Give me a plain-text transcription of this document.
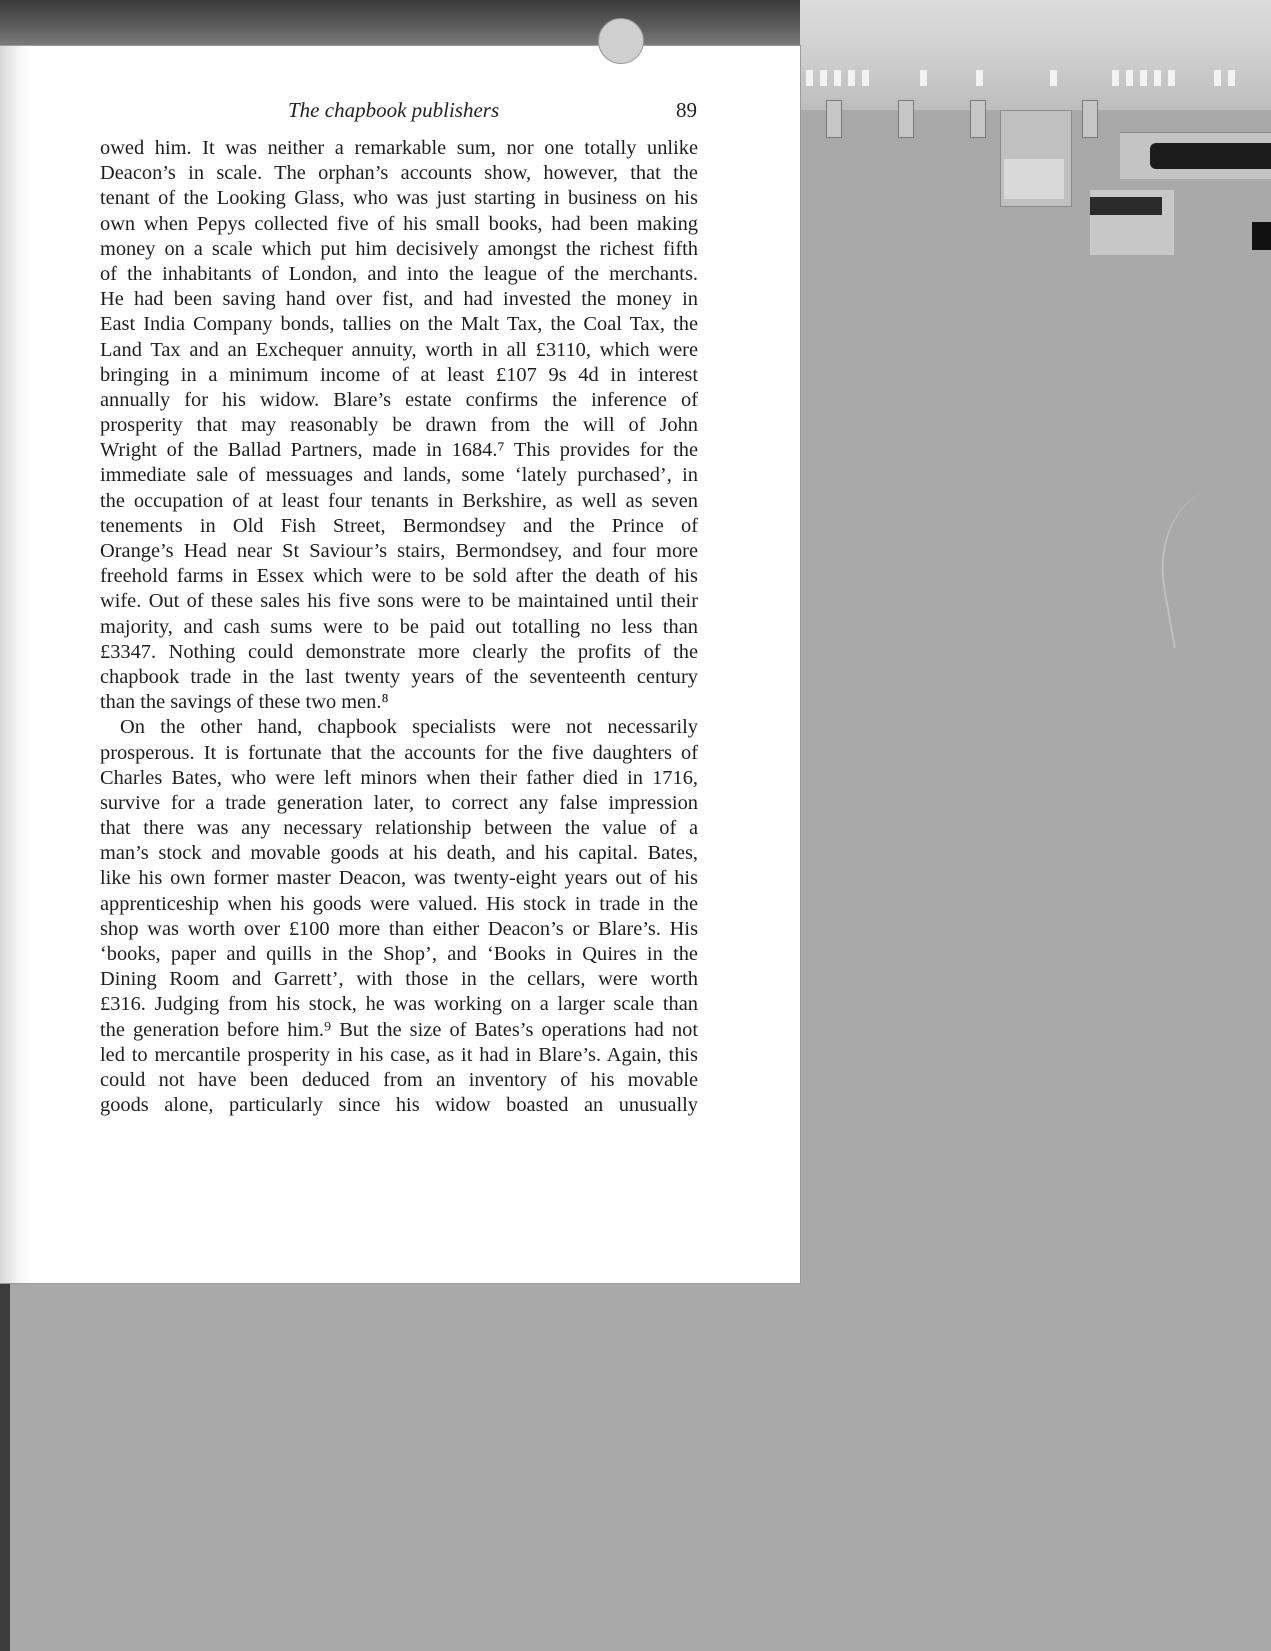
The chapbook publishers	89
owed him. It was neither a remarkable sum, nor one totally unlike
Deacon’s in scale. The orphan’s accounts show, however, that the
tenant of the Looking Glass, who was just starting in business on his
own when Pepys collected five of his small books, had been making
money on a scale which put him decisively amongst the richest fifth
of the inhabitants of London, and into the league of the merchants.
He had been saving hand over fist, and had invested the money in
East India Company bonds, tallies on the Malt Tax, the Coal Tax, the
Land Tax and an Exchequer annuity, worth in all £3110, which were
bringing in a minimum income of at least £107 9s 4d in interest
annually for his widow. Blare’s estate confirms the inference of
prosperity that may reasonably be drawn from the will of John
Wright of the Ballad Partners, made in 1684.⁷ This provides for the
immediate sale of messuages and lands, some ‘lately purchased’, in
the occupation of at least four tenants in Berkshire, as well as seven
tenements in Old Fish Street, Bermondsey and the Prince of
Orange’s Head near St Saviour’s stairs, Bermondsey, and four more
freehold farms in Essex which were to be sold after the death of his
wife. Out of these sales his five sons were to be maintained until their
majority, and cash sums were to be paid out totalling no less than
£3347. Nothing could demonstrate more clearly the profits of the
chapbook trade in the last twenty years of the seventeenth century
than the savings of these two men.⁸
On the other hand, chapbook specialists were not necessarily
prosperous. It is fortunate that the accounts for the five daughters of
Charles Bates, who were left minors when their father died in 1716,
survive for a trade generation later, to correct any false impression
that there was any necessary relationship between the value of a
man’s stock and movable goods at his death, and his capital. Bates,
like his own former master Deacon, was twenty-eight years out of his
apprenticeship when his goods were valued. His stock in trade in the
shop was worth over £100 more than either Deacon’s or Blare’s. His
‘books, paper and quills in the Shop’, and ‘Books in Quires in the
Dining Room and Garrett’, with those in the cellars, were worth
£316. Judging from his stock, he was working on a larger scale than
the generation before him.⁹ But the size of Bates’s operations had not
led to mercantile prosperity in his case, as it had in Blare’s. Again, this
could not have been deduced from an inventory of his movable
goods alone, particularly since his widow boasted an unusually
